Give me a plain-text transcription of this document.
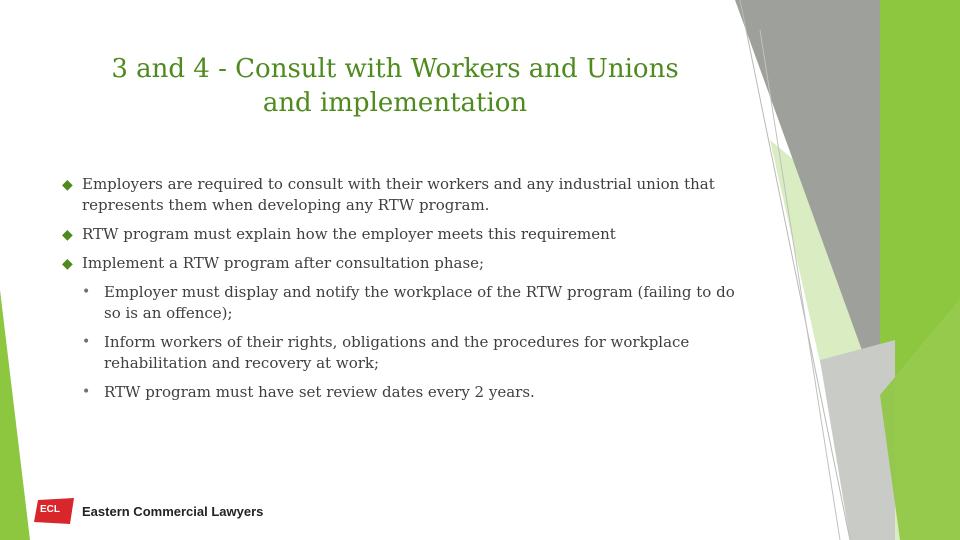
3 and 4 - Consult with Workers and Unions
and implementation
◆ Employers are required to consult with their workers and any industrial union that represents them when developing any RTW program.
◆ RTW program must explain how the employer meets this requirement
◆ Implement a RTW program after consultation phase;
• Employer must display and notify the workplace of the RTW program (failing to do so is an offence);
• Inform workers of their rights, obligations and the procedures for workplace rehabilitation and recovery at work;
• RTW program must have set review dates every 2 years.
ECL Eastern Commercial Lawyers
